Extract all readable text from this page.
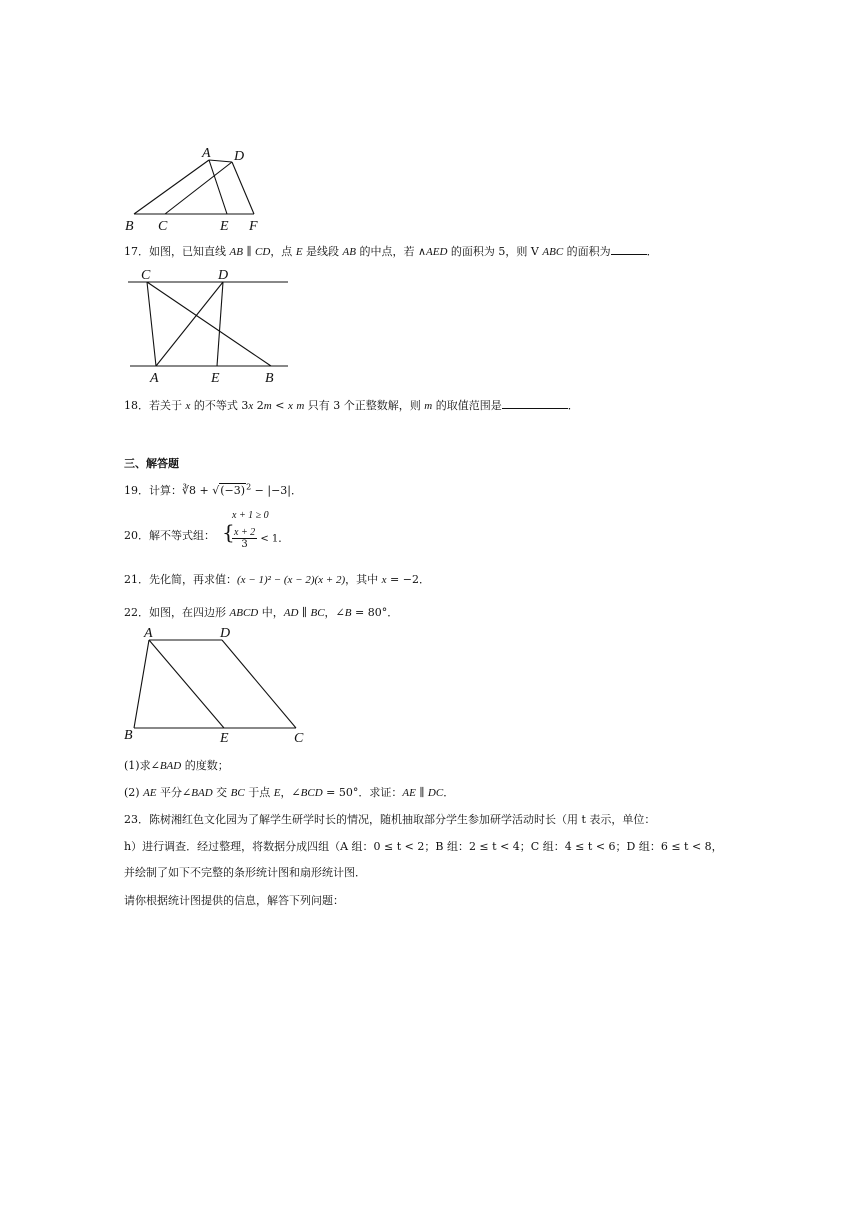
A D
B C	E F
17．如图，已知直线 AB ∥ CD，点 E 是线段 AB 的中点，若 ∧AED 的面积为 5，则 V ABC 的面积为	．
C	D
A	E	B
18．若关于 x 的不等式 3x 2m < x m 只有 3 个正整数解，则 m 的取值范围是	．
三、解答题
19．计算：∛8 + $√(-3)^2 - |-3|$．
20．解不等式组： {
x + 1 ≥ 0
$\frac{x + 2}{3} < 1$．
21．先化简，再求值：(x − 1)² − (x − 2)(x + 2)，其中 x = −2．
22．如图，在四边形 ABCD 中，AD ∥ BC，∠B = 80°．
A	D
B	E	C
(1)求∠BAD 的度数；
(2) AE 平分∠BAD 交 BC 于点 E，∠BCD = 50°．求证：AE ∥ DC．
23．陈树湘红色文化园为了解学生研学时长的情况，随机抽取部分学生参加研学活动时长（用 t 表示，单位：
h）进行调查．经过整理，将数据分成四组（A 组：0 ≤ t < 2；B 组：2 ≤ t < 4；C 组：4 ≤ t < 6；D 组：6 ≤ t < 8，
并绘制了如下不完整的条形统计图和扇形统计图．
请你根据统计图提供的信息，解答下列问题：
